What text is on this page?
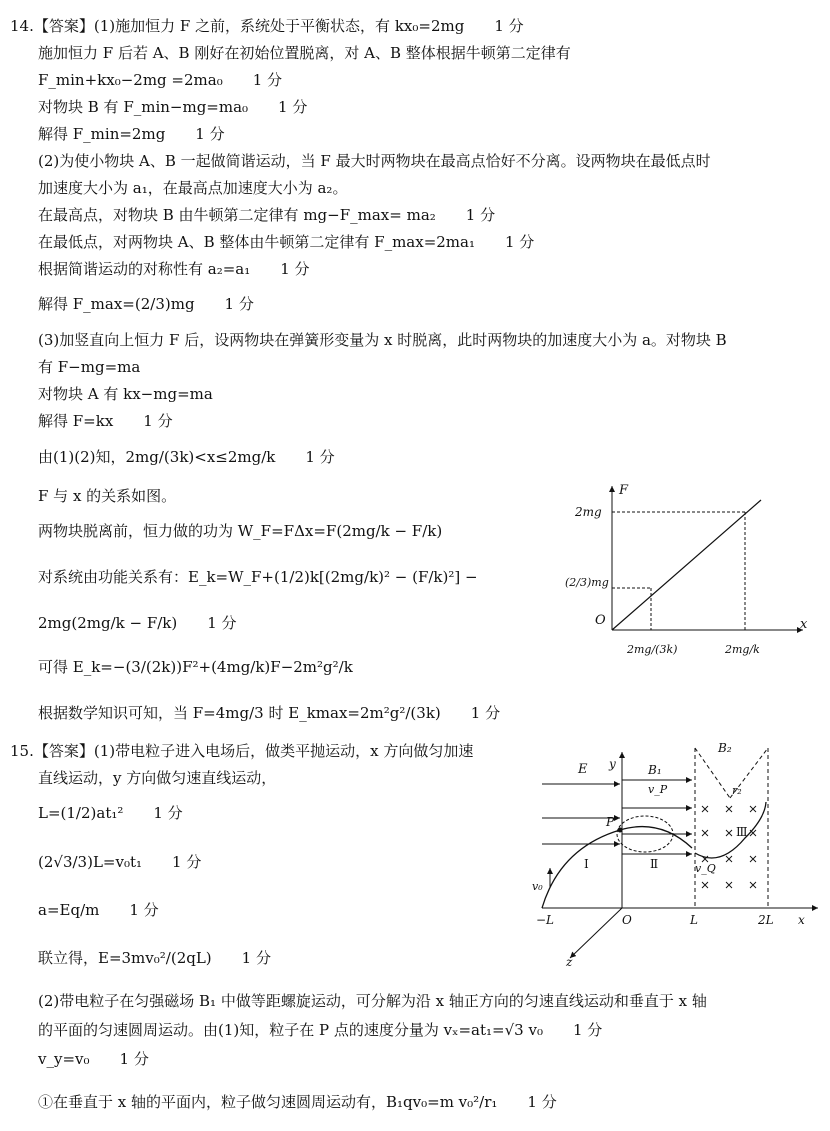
14.【答案】(1)施加恒力 F 之前，系统处于平衡状态，有 kx₀=2mg　　1 分
施加恒力 F 后若 A、B 刚好在初始位置脱离，对 A、B 整体根据牛顿第二定律有
F_min+kx₀−2mg =2ma₀　　1 分
对物块 B 有 F_min−mg=ma₀　　1 分
解得 F_min=2mg　　1 分
(2)为使小物块 A、B 一起做简谐运动，当 F 最大时两物块在最高点恰好不分离。设两物块在最低点时
加速度大小为 a₁，在最高点加速度大小为 a₂。
在最高点，对物块 B 由牛顿第二定律有 mg−F_max= ma₂　　1 分
在最低点，对两物块 A、B 整体由牛顿第二定律有 F_max=2ma₁　　1 分
根据简谐运动的对称性有 a₂=a₁　　1 分
解得 F_max=(2/3)mg　　1 分
(3)加竖直向上恒力 F 后，设两物块在弹簧形变量为 x 时脱离，此时两物块的加速度大小为 a。对物块 B
有 F−mg=ma
对物块 A 有 kx−mg=ma
解得 F=kx　　1 分
由(1)(2)知，2mg/(3k)<x≤2mg/k　　1 分
F 与 x 的关系如图。
两物块脱离前，恒力做的功为 W_F=FΔx=F(2mg/k − F/k)
对系统由功能关系有：E_k=W_F+(1/2)k[(2mg/k)² − (F/k)²] −
2mg(2mg/k − F/k)　　1 分
可得 E_k=−(3/(2k))F²+(4mg/k)F−2m²g²/k
根据数学知识可知，当 F=4mg/3 时 E_kmax=2m²g²/(3k)　　1 分
F
x
O
2mg
(2/3)mg
2mg/(3k)	2mg/k
15.【答案】(1)带电粒子进入电场后，做类平抛运动，x 方向做匀加速
直线运动，y 方向做匀速直线运动，
L=(1/2)at₁²　　1 分
(2√3/3)L=v₀t₁　　1 分
a=Eq/m　　1 分
联立得，E=3mv₀²/(2qL)　　1 分
(2)带电粒子在匀强磁场 B₁ 中做等距螺旋运动，可分解为沿 x 轴正方向的匀速直线运动和垂直于 x 轴
的平面的匀速圆周运动。由(1)知，粒子在 P 点的速度分量为 vₓ=at₁=√3 v₀　　1 分
v_y=v₀　　1 分
①在垂直于 x 轴的平面内，粒子做匀速圆周运动有，B₁qv₀=m v₀²/r₁　　1 分
B₂
y
E	B₁
v_P	r₂
P
Ⅲ
Ⅰ	Ⅱ	v_Q
v₀
−L	O	L	2L x
z
